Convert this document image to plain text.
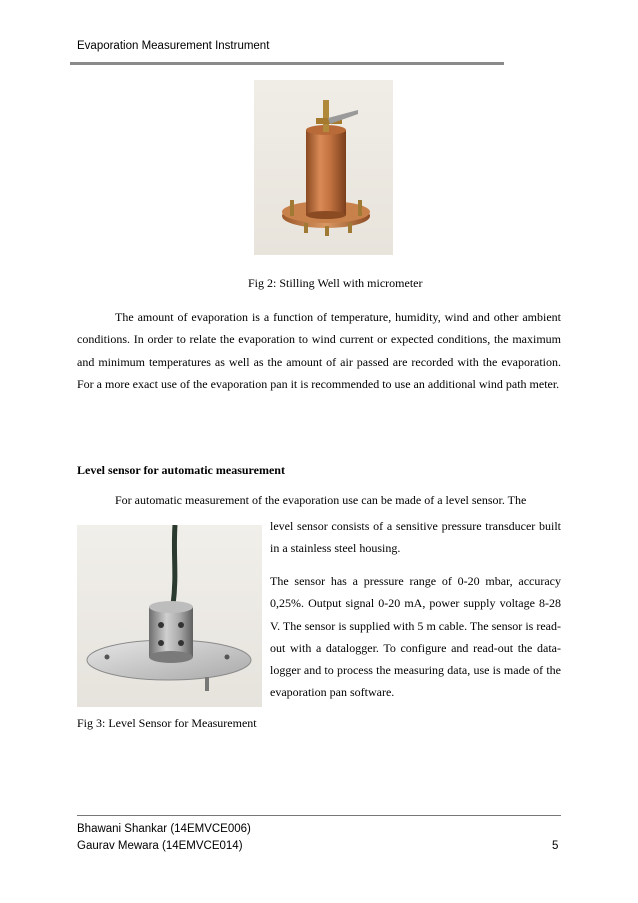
Evaporation Measurement Instrument
Fig 2: Stilling Well with micrometer
The amount of evaporation is a function of temperature, humidity, wind and other ambient conditions. In order to relate the evaporation to wind current or expected conditions, the maximum and minimum temperatures as well as the amount of air passed are recorded with the evaporation. For a more exact use of the evaporation pan it is recommended to use an additional wind path meter.
Level sensor for automatic measurement
For automatic measurement of the evaporation use can be made of a level sensor. The
level sensor consists of a sensitive pressure transducer built in a stainless steel housing.
The sensor has a pressure range of 0-20 mbar, accuracy 0,25%. Output signal 0-20 mA, power supply voltage 8-28 V. The sensor is supplied with 5 m cable. The sensor is read-out with a datalogger. To configure and read-out the data-logger and to process the measuring data, use is made of the evaporation pan software.
Fig 3: Level Sensor for Measurement
Bhawani Shankar (14EMVCE006)
Gaurav Mewara (14EMVCE014)	5
